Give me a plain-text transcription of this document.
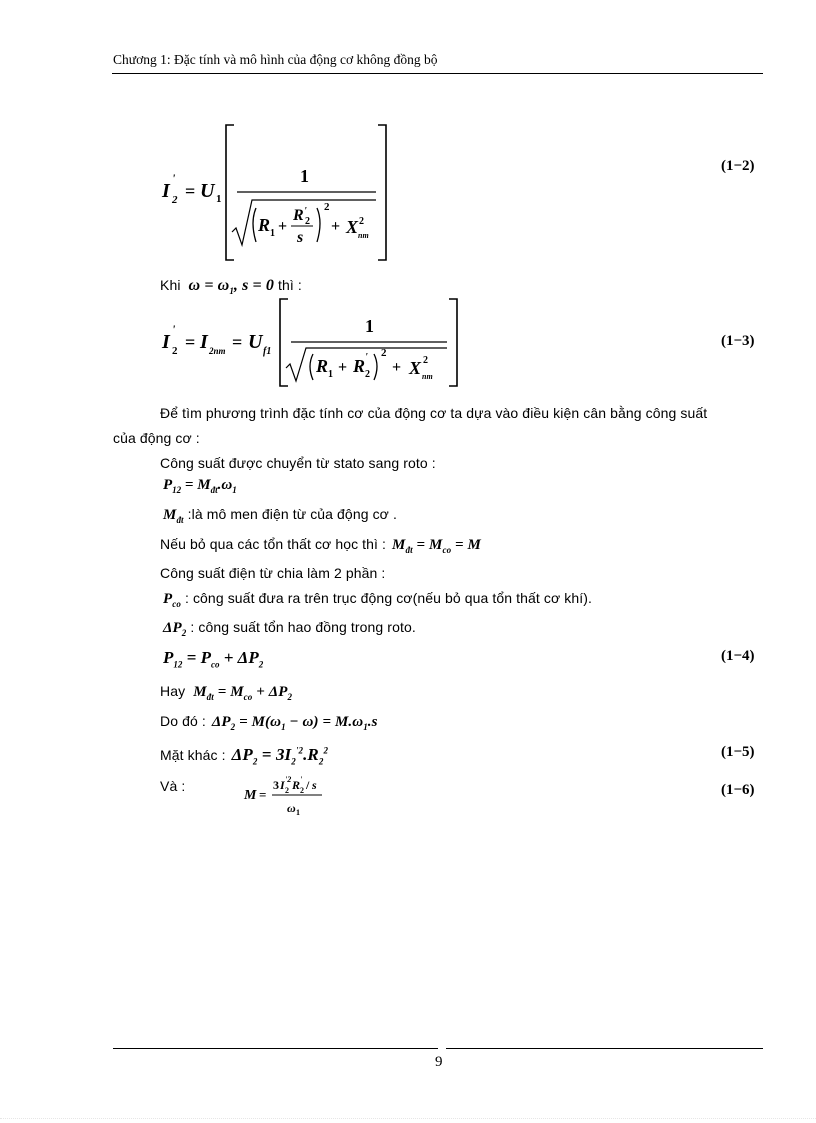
Chương 1: Đặc tính và mô hình của động cơ không đồng bộ
I
'
2 = U 1
1
R 1 +
R '
2
s
2
+ X 2
nm
(1−2)
Khi $\omega = \omega_1$, s = 0 thì :
I
'
2 = I 2nm = U f1
1
R 1 + R '
2
2
+ X 2
nm
(1−3)
Để tìm phương trình đặc tính cơ của động cơ ta dựa vào điều kiện cân bằng công suất
của động cơ :
Công suất được chuyển từ stato sang roto :
$P_{12} = M_{đt}.\omega_1$
$M_{đt}$ :là mô men điện từ của động cơ .
Nếu bỏ qua các tổn thất cơ học thì : $M_{đt} = M_{co} = M$
Công suất điện từ chia làm 2 phần :
$P_{co}$ : công suất đưa ra trên trục động cơ(nếu bỏ qua tổn thất cơ khí).
$\Delta P_2$ : công suất tổn hao đồng trong roto.
$P_{12} = P_{co} + \Delta P_2$
(1−4)
Hay $M_{đt} = M_{co} + \Delta P_2$
Do đó : $\Delta P_2 = M(\omega_1 - \omega) = M.\omega_1.s$
Mặt khác : $\Delta P_2 = 3I_2^{'2}.R_2^2$	(1−5)
Và :
M =
3 I '2
2 R '
2 / s
ω 1
(1−6)
9
